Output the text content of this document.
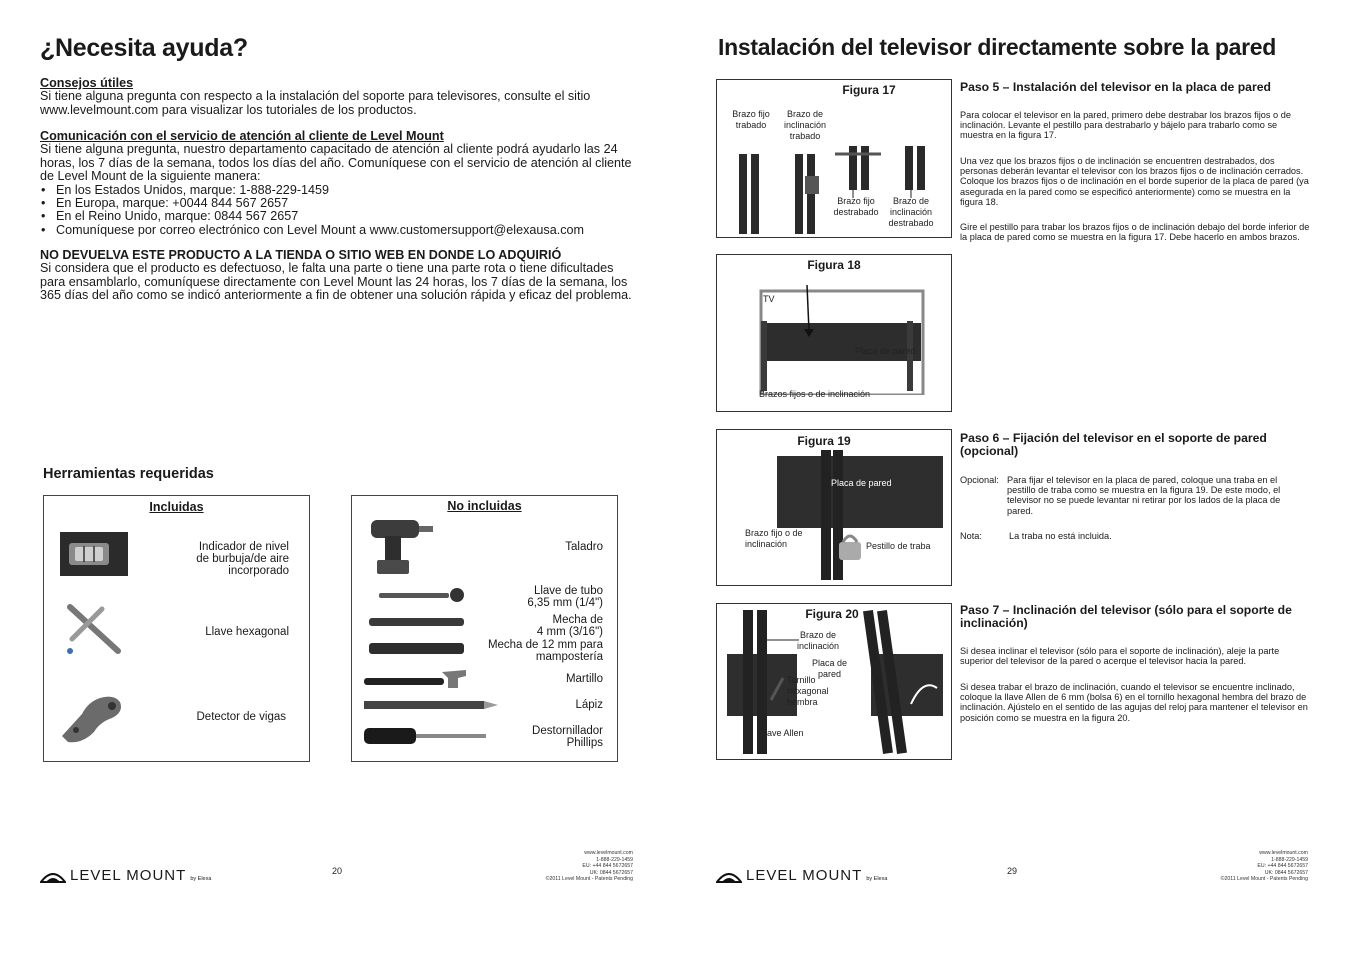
¿Necesita ayuda?
Consejos útiles
Si tiene alguna pregunta con respecto a la instalación del soporte para televisores, consulte el sitio www.levelmount.com para visualizar los tutoriales de los productos.
Comunicación con el servicio de atención al cliente de Level Mount
Si tiene alguna pregunta, nuestro departamento capacitado de atención al cliente podrá ayudarlo las 24 horas, los 7 días de la semana, todos los días del año. Comuníquese con el servicio de atención al cliente de Level Mount de la siguiente manera:
• En los Estados Unidos, marque: 1-888-229-1459
• En Europa, marque: +0044 844 567 2657
• En el Reino Unido, marque: 0844 567 2657
• Comuníquese por correo electrónico con Level Mount a www.customersupport@elexausa.com
NO DEVUELVA ESTE PRODUCTO A LA TIENDA O SITIO WEB EN DONDE LO ADQUIRIÓ
Si considera que el producto es defectuoso, le falta una parte o tiene una parte rota o tiene dificultades para ensamblarlo, comuníquese directamente con Level Mount las 24 horas, los 7 días de la semana, los 365 días del año como se indicó anteriormente a fin de obtener una solución rápida y eficaz del problema.
Herramientas requeridas
Incluidas
Indicador de nivel
de burbuja/de aire
incorporado
Llave hexagonal
Detector de vigas
No incluidas
Taladro
Llave de tubo
6,35 mm (1/4")
Mecha de
4 mm (3/16")
Mecha de 12 mm para
mampostería
Martillo
Lápiz
Destornillador
Phillips
LEVEL MOUNT by Elexa
20
www.levelmount.com
1-888-229-1459
EU: +44 844 5672657
UK: 0844 5672657
©2011 Level Mount - Patents Pending
Instalación del televisor directamente sobre la pared
Figura 17
Brazo fijo
trabado
Brazo de
inclinación
trabado
Brazo fijo
destrabado
Brazo de
inclinación
destrabado
Figura 18
TV
Placa de pared
Brazos fijos o de inclinación
Figura 19
Placa de pared
Brazo fijo o de
inclinación	Pestillo de traba
Figura 20
Brazo de
inclinación
Placa de
pared
Tornillo
hexagonal
hembra
Llave Allen
Paso 5 – Instalación del televisor en la placa de pared
Para colocar el televisor en la pared, primero debe destrabar los brazos fijos o de inclinación. Levante el pestillo para destrabarlo y bájelo para trabarlo como se muestra en la figura 17.
Una vez que los brazos fijos o de inclinación se encuentren destrabados, dos personas deberán levantar el televisor con los brazos fijos o de inclinación cerrados. Coloque los brazos fijos o de inclinación en el borde superior de la placa de pared (ya asegurada en la pared como se especificó anteriormente) como se muestra en la figura 18.
Gire el pestillo para trabar los brazos fijos o de inclinación debajo del borde inferior de la placa de pared como se muestra en la figura 17. Debe hacerlo en ambos brazos.
Paso 6 – Fijación del televisor en el soporte de pared (opcional)
Opcional: Para fijar el televisor en la placa de pared, coloque una traba en el pestillo de traba como se muestra en la figura 19. De este modo, el televisor no se puede levantar ni retirar por los lados de la placa de pared.
Nota:	La traba no está incluida.
Paso 7 – Inclinación del televisor (sólo para el soporte de inclinación)
Si desea inclinar el televisor (sólo para el soporte de inclinación), aleje la parte superior del televisor de la pared o acerque el televisor hacia la pared.
Si desea trabar el brazo de inclinación, cuando el televisor se encuentre inclinado, coloque la llave Allen de 6 mm (bolsa 6) en el tornillo hexagonal hembra del brazo de inclinación. Ajústelo en el sentido de las agujas del reloj para mantener el televisor en posición como se muestra en la figura 20.
LEVEL MOUNT by Elexa
29
www.levelmount.com
1-888-229-1459
EU: +44 844 5672657
UK: 0844 5672657
©2011 Level Mount - Patents Pending
